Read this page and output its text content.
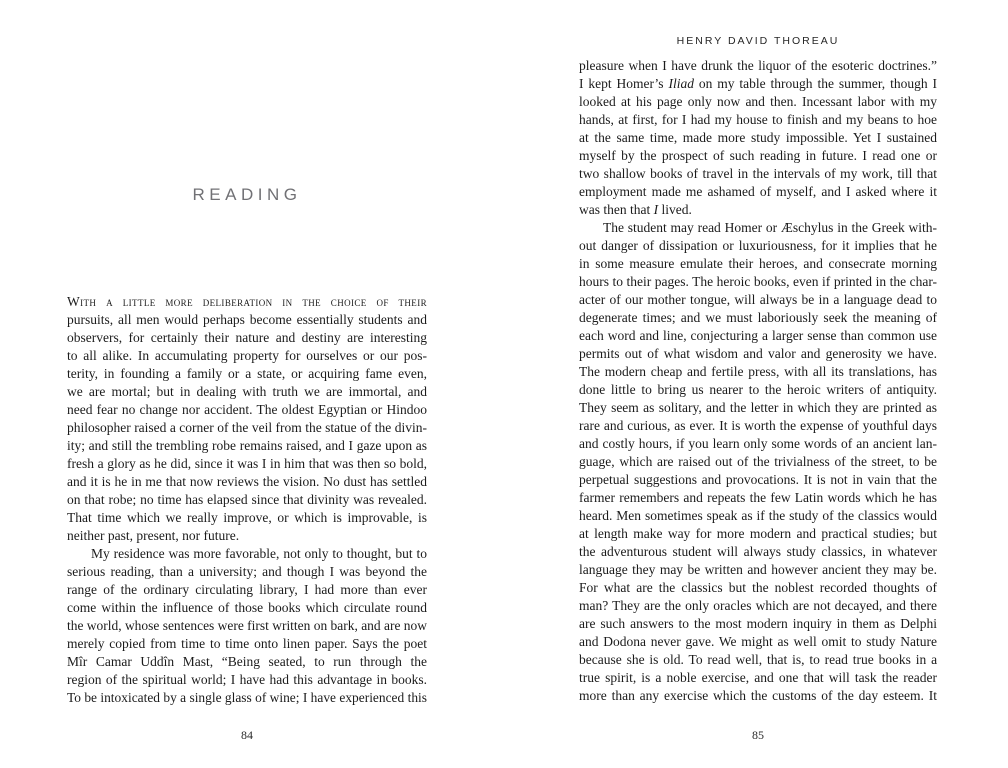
READING
With a little more deliberation in the choice of their
pursuits, all men would perhaps become essentially students and
observers, for certainly their nature and destiny are interesting
to all alike. In accumulating property for ourselves or our pos-
terity, in founding a family or a state, or acquiring fame even,
we are mortal; but in dealing with truth we are immortal, and
need fear no change nor accident. The oldest Egyptian or Hindoo
philosopher raised a corner of the veil from the statue of the divin-
ity; and still the trembling robe remains raised, and I gaze upon as
fresh a glory as he did, since it was I in him that was then so bold,
and it is he in me that now reviews the vision. No dust has settled
on that robe; no time has elapsed since that divinity was revealed.
That time which we really improve, or which is improvable, is
neither past, present, nor future.
My residence was more favorable, not only to thought, but to
serious reading, than a university; and though I was beyond the
range of the ordinary circulating library, I had more than ever
come within the influence of those books which circulate round
the world, whose sentences were first written on bark, and are now
merely copied from time to time onto linen paper. Says the poet
Mîr Camar Uddîn Mast, “Being seated, to run through the
region of the spiritual world; I have had this advantage in books.
To be intoxicated by a single glass of wine; I have experienced this
84
HENRY DAVID THOREAU
pleasure when I have drunk the liquor of the esoteric doctrines.”
I kept Homer’s Iliad on my table through the summer, though I
looked at his page only now and then. Incessant labor with my
hands, at first, for I had my house to finish and my beans to hoe
at the same time, made more study impossible. Yet I sustained
myself by the prospect of such reading in future. I read one or
two shallow books of travel in the intervals of my work, till that
employment made me ashamed of myself, and I asked where it
was then that I lived.
The student may read Homer or Æschylus in the Greek with-
out danger of dissipation or luxuriousness, for it implies that he
in some measure emulate their heroes, and consecrate morning
hours to their pages. The heroic books, even if printed in the char-
acter of our mother tongue, will always be in a language dead to
degenerate times; and we must laboriously seek the meaning of
each word and line, conjecturing a larger sense than common use
permits out of what wisdom and valor and generosity we have.
The modern cheap and fertile press, with all its translations, has
done little to bring us nearer to the heroic writers of antiquity.
They seem as solitary, and the letter in which they are printed as
rare and curious, as ever. It is worth the expense of youthful days
and costly hours, if you learn only some words of an ancient lan-
guage, which are raised out of the trivialness of the street, to be
perpetual suggestions and provocations. It is not in vain that the
farmer remembers and repeats the few Latin words which he has
heard. Men sometimes speak as if the study of the classics would
at length make way for more modern and practical studies; but
the adventurous student will always study classics, in whatever
language they may be written and however ancient they may be.
For what are the classics but the noblest recorded thoughts of
man? They are the only oracles which are not decayed, and there
are such answers to the most modern inquiry in them as Delphi
and Dodona never gave. We might as well omit to study Nature
because she is old. To read well, that is, to read true books in a
true spirit, is a noble exercise, and one that will task the reader
more than any exercise which the customs of the day esteem. It
85
